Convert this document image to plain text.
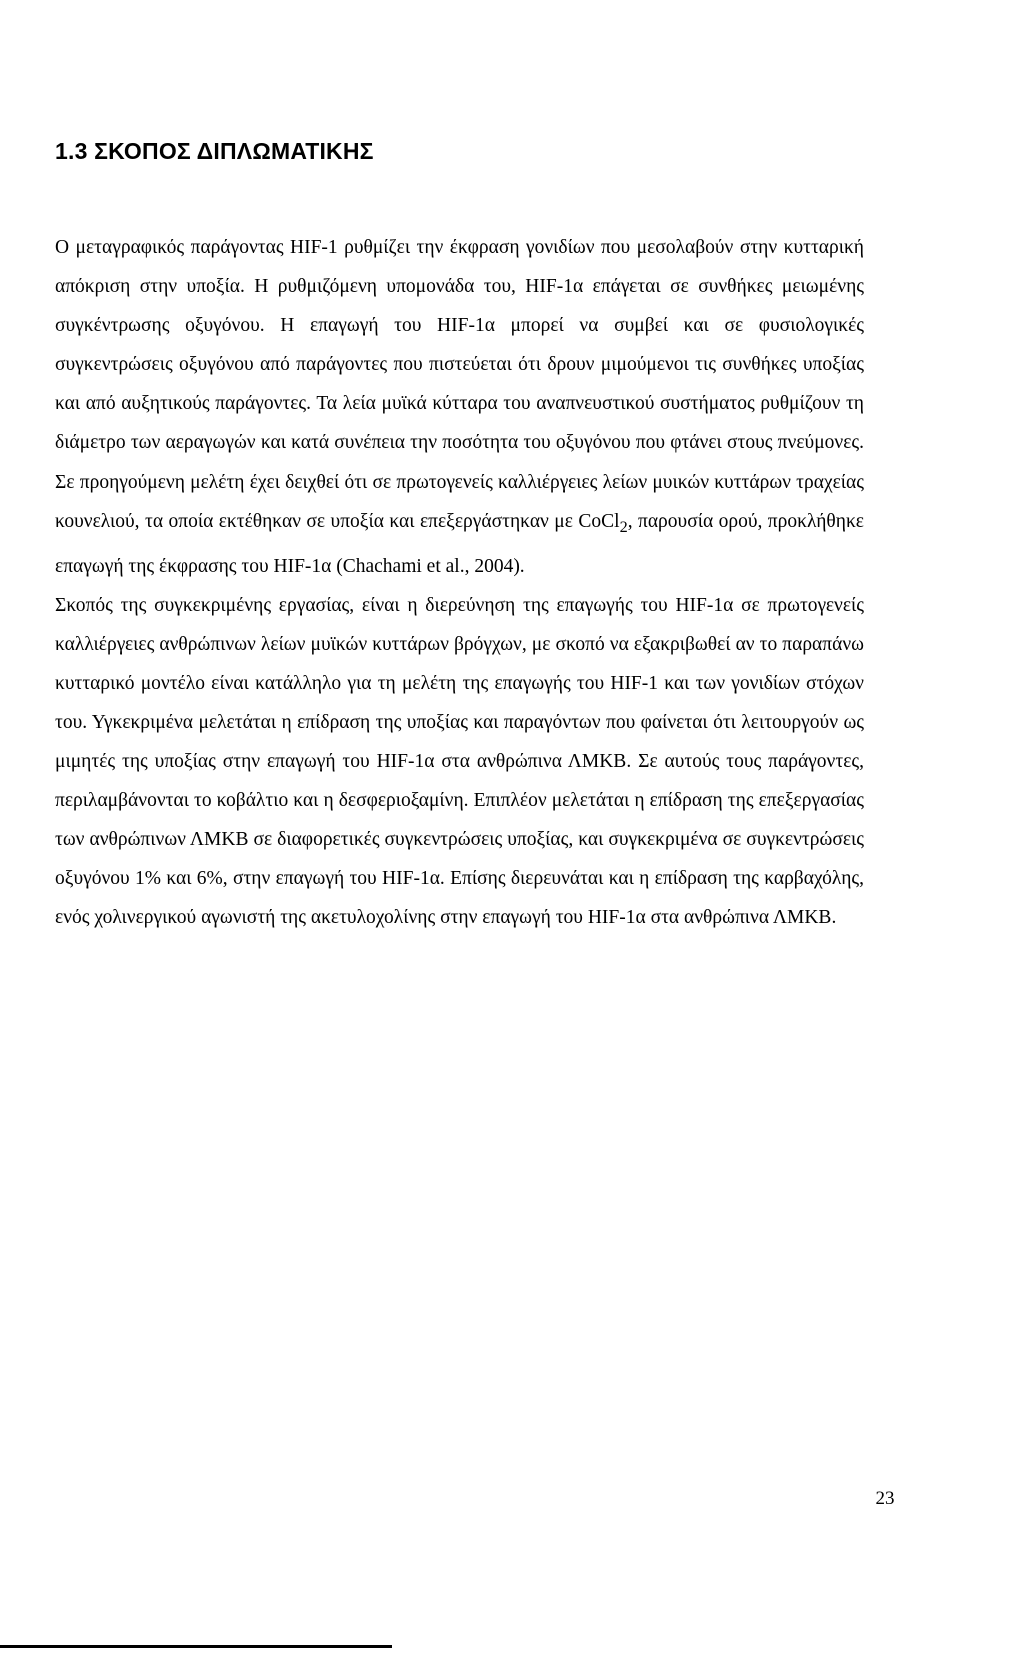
1.3 ΣΚΟΠΟΣ ΔΙΠΛΩΜΑΤΙΚΗΣ

Ο μεταγραφικός παράγοντας HIF-1 ρυθμίζει την έκφραση γονιδίων που μεσολαβούν στην κυτταρική απόκριση στην υποξία. Η ρυθμιζόμενη υπομονάδα του, HIF-1α επάγεται σε συνθήκες μειωμένης συγκέντρωσης οξυγόνου. Η επαγωγή του HIF-1α μπορεί να συμβεί και σε φυσιολογικές συγκεντρώσεις οξυγόνου από παράγοντες που πιστεύεται ότι δρουν μιμούμενοι τις συνθήκες υποξίας και από αυξητικούς παράγοντες. Τα λεία μυϊκά κύτταρα του αναπνευστικού συστήματος ρυθμίζουν τη διάμετρο των αεραγωγών και κατά συνέπεια την ποσότητα του οξυγόνου που φτάνει στους πνεύμονες. Σε προηγούμενη μελέτη έχει δειχθεί ότι σε πρωτογενείς καλλιέργειες λείων μυικών κυττάρων τραχείας κουνελιού, τα οποία εκτέθηκαν σε υποξία και επεξεργάστηκαν με CoCl$_2$, παρουσία ορού, προκλήθηκε επαγωγή της έκφρασης του HIF-1α (Chachami et al., 2004).

Σκοπός της συγκεκριμένης εργασίας, είναι η διερεύνηση της επαγωγής του HIF-1α σε πρωτογενείς καλλιέργειες ανθρώπινων λείων μυϊκών κυττάρων βρόγχων, με σκοπό να εξακριβωθεί αν το παραπάνω κυτταρικό μοντέλο είναι κατάλληλο για τη μελέτη της επαγωγής του HIF-1 και των γονιδίων στόχων του. Υγκεκριμένα μελετάται η επίδραση της υποξίας και παραγόντων που φαίνεται ότι λειτουργούν ως μιμητές της υποξίας στην επαγωγή του HIF-1α στα ανθρώπινα ΛΜΚΒ. Σε αυτούς τους παράγοντες, περιλαμβάνονται το κοβάλτιο και η δεσφεριοξαμίνη. Επιπλέον μελετάται η επίδραση της επεξεργασίας των ανθρώπινων ΛΜΚΒ σε διαφορετικές συγκεντρώσεις υποξίας, και συγκεκριμένα σε συγκεντρώσεις οξυγόνου 1% και 6%, στην επαγωγή του HIF-1α. Επίσης διερευνάται και η επίδραση της καρβαχόλης, ενός χολινεργικού αγωνιστή της ακετυλοχολίνης στην επαγωγή του HIF-1α στα ανθρώπινα ΛΜΚΒ.

23
